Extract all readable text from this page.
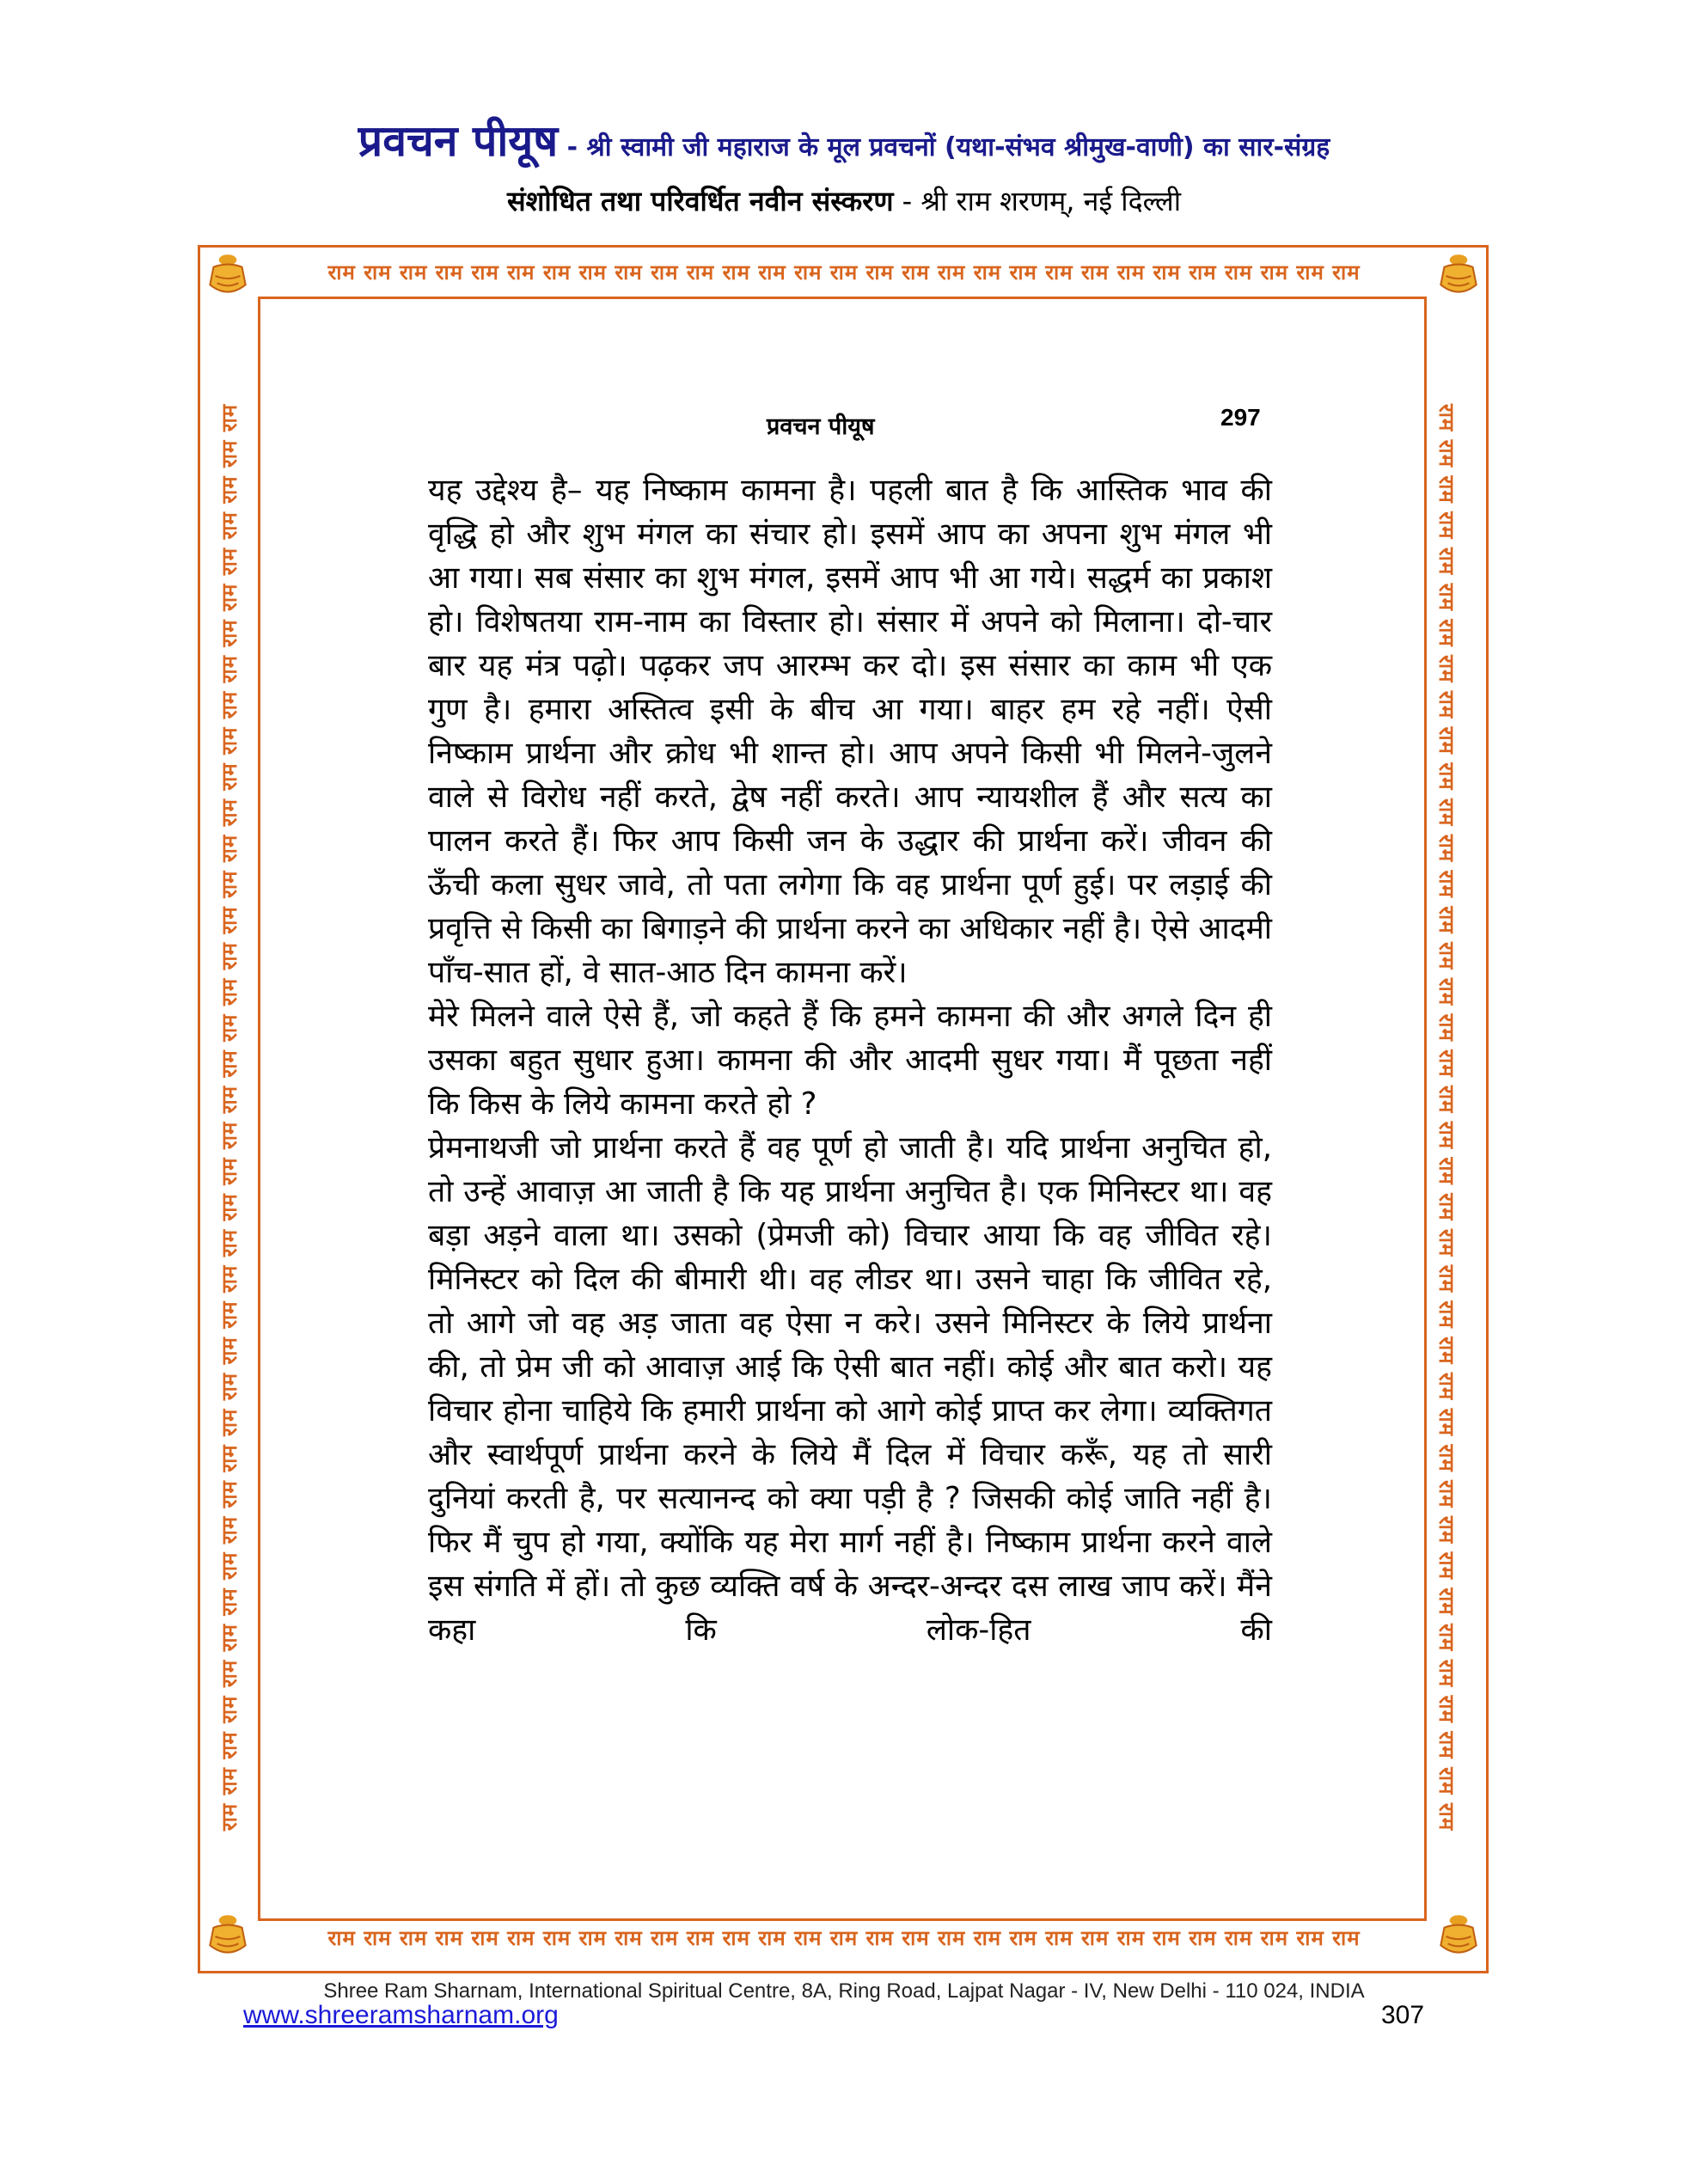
प्रवचन पीयूष - श्री स्वामी जी महाराज के मूल प्रवचनों (यथा-संभव श्रीमुख-वाणी) का सार-संग्रह
संशोधित तथा परिवर्धित नवीन संस्करण - श्री राम शरणम्, नई दिल्ली
राम राम राम राम राम राम राम राम राम राम राम राम राम राम राम राम राम राम राम राम राम राम राम राम राम राम राम राम राम
राम राम राम राम राम राम राम राम राम राम राम राम राम राम राम राम राम राम राम राम राम राम राम राम राम राम राम राम राम
राम राम राम राम राम राम राम राम राम राम राम राम राम राम राम राम राम राम राम राम राम राम राम राम राम राम राम राम राम राम राम राम राम राम राम राम राम राम राम राम	राम राम राम राम राम राम राम राम राम राम राम राम राम राम राम राम राम राम राम राम राम राम राम राम राम राम राम राम राम राम राम राम राम राम राम राम राम राम राम राम
प्रवचन पीयूष	297

यह उद्देश्य है– यह निष्काम कामना है। पहली बात है कि आस्तिक भाव की वृद्धि हो और शुभ मंगल का संचार हो। इसमें आप का अपना शुभ मंगल भी आ गया। सब संसार का शुभ मंगल, इसमें आप भी आ गये। सद्धर्म का प्रकाश हो। विशेषतया राम-नाम का विस्तार हो। संसार में अपने को मिलाना। दो-चार बार यह मंत्र पढ़ो। पढ़कर जप आरम्भ कर दो। इस संसार का काम भी एक गुण है। हमारा अस्तित्व इसी के बीच आ गया। बाहर हम रहे नहीं। ऐसी निष्काम प्रार्थना और क्रोध भी शान्त हो। आप अपने किसी भी मिलने-जुलने वाले से विरोध नहीं करते, द्वेष नहीं करते। आप न्यायशील हैं और सत्य का पालन करते हैं। फिर आप किसी जन के उद्धार की प्रार्थना करें। जीवन की ऊँची कला सुधर जावे, तो पता लगेगा कि वह प्रार्थना पूर्ण हुई। पर लड़ाई की प्रवृत्ति से किसी का बिगाड़ने की प्रार्थना करने का अधिकार नहीं है। ऐसे आदमी पाँच-सात हों, वे सात-आठ दिन कामना करें।

मेरे मिलने वाले ऐसे हैं, जो कहते हैं कि हमने कामना की और अगले दिन ही उसका बहुत सुधार हुआ। कामना की और आदमी सुधर गया। मैं पूछता नहीं कि किस के लिये कामना करते हो ?

प्रेमनाथजी जो प्रार्थना करते हैं वह पूर्ण हो जाती है। यदि प्रार्थना अनुचित हो, तो उन्हें आवाज़ आ जाती है कि यह प्रार्थना अनुचित है। एक मिनिस्टर था। वह बड़ा अड़ने वाला था। उसको (प्रेमजी को) विचार आया कि वह जीवित रहे। मिनिस्टर को दिल की बीमारी थी। वह लीडर था। उसने चाहा कि जीवित रहे, तो आगे जो वह अड़ जाता वह ऐसा न करे। उसने मिनिस्टर के लिये प्रार्थना की, तो प्रेम जी को आवाज़ आई कि ऐसी बात नहीं। कोई और बात करो। यह विचार होना चाहिये कि हमारी प्रार्थना को आगे कोई प्राप्त कर लेगा। व्यक्तिगत और स्वार्थपूर्ण प्रार्थना करने के लिये मैं दिल में विचार करूँ, यह तो सारी दुनियां करती है, पर सत्यानन्द को क्या पड़ी है ? जिसकी कोई जाति नहीं है। फिर मैं चुप हो गया, क्योंकि यह मेरा मार्ग नहीं है। निष्काम प्रार्थना करने वाले इस संगति में हों। तो कुछ व्यक्ति वर्ष के अन्दर-अन्दर दस लाख जाप करें। मैंने कहा कि लोक-हित की

Shree Ram Sharnam, International Spiritual Centre, 8A, Ring Road, Lajpat Nagar - IV, New Delhi - 110 024, INDIA
www.shreeramsharnam.org	307
